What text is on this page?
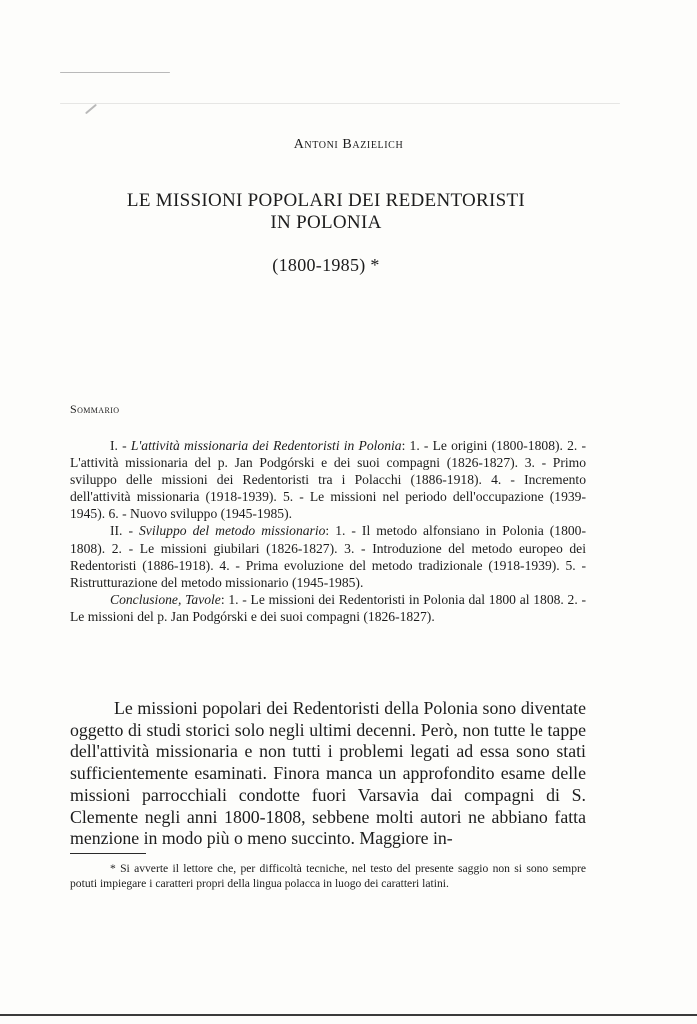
Antoni Bazielich
LE MISSIONI POPOLARI DEI REDENTORISTI
IN POLONIA
(1800-1985) *
Sommario

I. - L'attività missionaria dei Redentoristi in Polonia: 1. - Le origini (1800-1808). 2. - L'attività missionaria del p. Jan Podgórski e dei suoi compagni (1826-1827). 3. - Primo sviluppo delle missioni dei Redentoristi tra i Polacchi (1886-1918). 4. - Incremento dell'attività missionaria (1918-1939). 5. - Le missioni nel periodo dell'occupazione (1939-1945). 6. - Nuovo sviluppo (1945-1985).

II. - Sviluppo del metodo missionario: 1. - Il metodo alfonsiano in Polonia (1800-1808). 2. - Le missioni giubilari (1826-1827). 3. - Introduzione del metodo europeo dei Redentoristi (1886-1918). 4. - Prima evoluzione del metodo tradizionale (1918-1939). 5. - Ristrutturazione del metodo missionario (1945-1985).

Conclusione, Tavole: 1. - Le missioni dei Redentoristi in Polonia dal 1800 al 1808. 2. - Le missioni del p. Jan Podgórski e dei suoi compagni (1826-1827).

Le missioni popolari dei Redentoristi della Polonia sono diventate oggetto di studi storici solo negli ultimi decenni. Però, non tutte le tappe dell'attività missionaria e non tutti i problemi legati ad essa sono stati sufficientemente esaminati. Finora manca un approfondito esame delle missioni parrocchiali condotte fuori Varsavia dai compagni di S. Clemente negli anni 1800-1808, sebbene molti autori ne abbiano fatta menzione in modo più o meno succinto. Maggiore in-

* Si avverte il lettore che, per difficoltà tecniche, nel testo del presente saggio non si sono sempre potuti impiegare i caratteri propri della lingua polacca in luogo dei caratteri latini.
